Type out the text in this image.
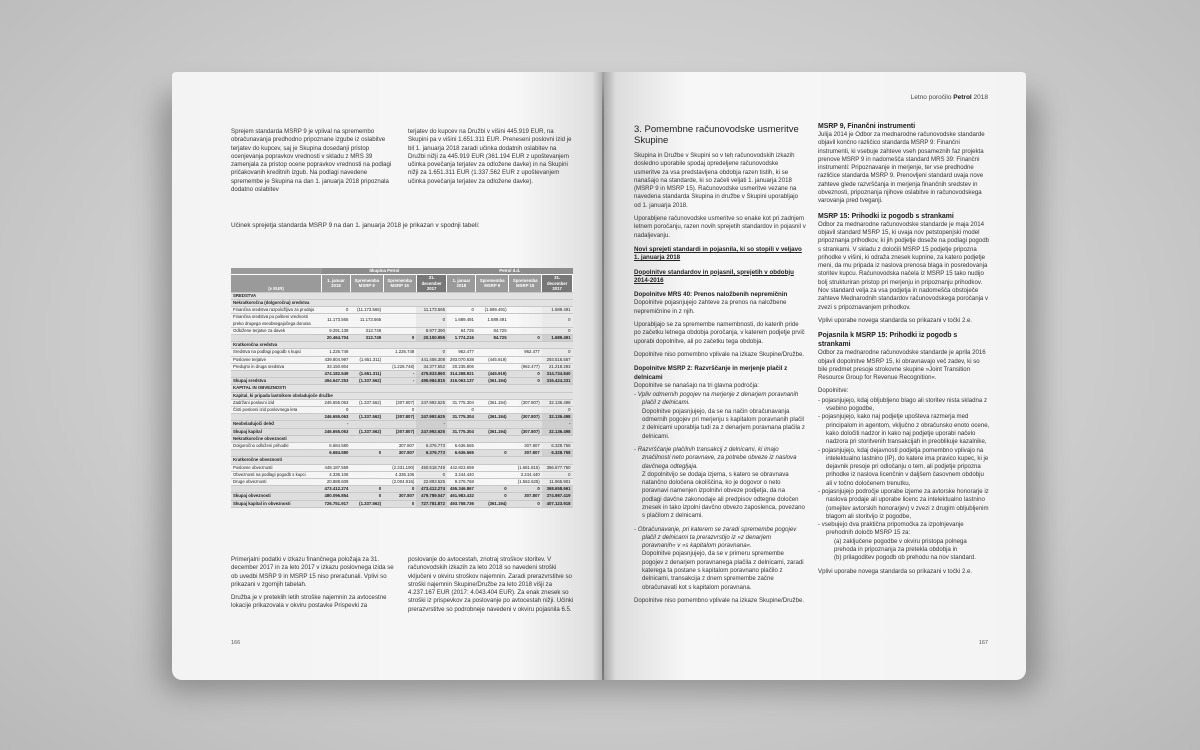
Sprejem standarda MSRP 9 je vplival na spremembo obračunavanja predhodno pripoznane izgube iz oslabitve terjatev do kupcev, saj je Skupina dosedanji pristop ocenjevanja popravkov vrednosti v skladu z MRS 39 zamenjala za pristop ocene popravkov vrednosti na podlagi pričakovanih kreditnih izgub. Na podlagi navedene spremembe je Skupina na dan 1. januarja 2018 pripoznala dodatno oslabitev
terjatev do kupcev na Družbi v višini 445.919 EUR, na Skupini pa v višini 1.651.311 EUR. Preneseni poslovni izid je bil 1. januarja 2018 zaradi učinka dodatnih oslabitev na Družbi nižji za 445.919 EUR (361.194 EUR z upoštevanjem učinka povečanja terjatev za odložene davke) in na Skupini nižji za 1.651.311 EUR (1.337.562 EUR z upoštevanjem učinka povečanja terjatev za odložene davke).
Učinek sprejetja standarda MSRP 9 na dan 1. januarja 2018 je prikazan v spodnji tabeli:
	Skupina Petrol				Petrol d.d.			
(v EUR)	1. januar 2018	Sprememba MSRP 9	Sprememba MSRP 15	31. december 2017	1. januar 2018	Sprememba MSRP 9	Sprememba MSRP 15	31. december 2017
SREDSTVA								
Nekratkoročna (dolgoročna) sredstva								
Finančna sredstva razpoložljiva za prodajo	0	(11.173.565)		11.173.565	0	(1.689.491)		1.689.491
Finančna sredstva po pošteni vrednosti preko drugega vseobsegajočega donosa	11.173.565	11.173.565		0	1.689.491	1.689.491		0
Odložene terjatve za davek	9.291.139	313.749		8.977.390	84.725	84.725		0
	20.464.704	313.749	0	20.150.955	1.774.216	84.725	0	1.689.491
Kratkoročna sredstva								
Sredstva na podlagi pogodb s kupci	1.226.748		1.226.748	0	962.477		962.477	0
Poslovne terjatve	439.804.997	(1.651.311)		441.456.308	293.070.638	(445.919)		293.516.557
Predujmi in druga sredstva	33.150.804		(1.226.748)	34.377.552	20.235.806		(962.477)	21.218.283
	474.182.549	(1.651.311)	-	475.833.860	314.268.921	(445.919)	0	314.734.840
Skupaj sredstva	494.647.253	(1.337.562)	-	495.984.815	316.063.137	(361.194)	0	316.424.331
KAPITAL IN OBVEZNOSTI								
Kapital, ki pripada lastnikom obvladujoče družbe								
Zadržani poslovni izid	246.655.063	(1.337.562)	(307.807)	247.992.625	31.775.304	(361.194)	(307.807)	32.136.498
Čisti poslovni izid poslovnega leta	0		0		0			0
	246.655.063	(1.337.562)	(307.807)	247.992.625	31.775.304	(361.194)	(307.807)	32.136.498
Neobvladujoči delež	-			-				-
Skupaj kapital	246.655.063	(1.337.562)	(307.807)	247.992.625	31.775.304	(361.194)	(307.807)	32.136.498
Nekratkoročne obveznosti								
Dolgoročno odloženi prihodki	6.684.580		307.807	6.376.773	6.636.565		307.807	6.328.758
	6.684.580	0	307.807	6.376.773	6.636.565	0	307.807	6.328.758
Kratkoročne obveznosti								
Poslovne obveznosti	448.187.559		(2.331.190)	450.518.749	442.823.659		(1.681.815)	356.677.760
Obveznosti na podlagi pogodb s kupci	4.336.106		4.336.106	0	3.244.440		3.244.440	0
Druge obveznosti	20.888.609		(2.004.916)	22.893.525	9.278.768		(1.562.625)	11.965.901
	473.412.274	0	0	473.412.274	455.346.867	0	0	368.658.661
Skupaj obveznosti	480.096.854	0	307.807	479.789.047	461.983.432	0	307.807	374.987.419
Skupaj kapital in obveznosti	726.751.917	(1.337.562)	0	727.781.872	493.758.736	(361.194)	0	407.123.918

Primerjalni podatki v izkazu finančnega položaja za 31. december 2017 in za leto 2017 v izkazu poslovnega izida se ob uvedbi MSRP 9 in MSRP 15 niso preračunali. Vplivi so prikazani v zgornjih tabelah.

Družba je v preteklih letih stroške najemnin za avtocestne lokacije prikazovala v okviru postavke Prispevki za

poslovanje do avtocestah, znotraj stroškov storitev. V računovodskih izkazih za leto 2018 so navedeni stroški vključeni v okviru stroškov najemnin. Zaradi prerazvrstitve so stroški najemnin Skupine/Družbe za leto 2018 višji za 4.237.167 EUR (2017: 4.043.404 EUR). Za enak znesek so stroški iz prispevkov za poslovanje po avtocestah nižji. Učinki prerazvrstitve so podrobneje navedeni v okviru pojasnila 6.5.
166
Letno poročilo Petrol 2018
3. Pomembne računovodske usmeritve Skupine

Skupina in Družbe v Skupini so v teh računovodskih izkazih dosledno uporabile spodaj opredeljene računovodske usmeritve za vsa predstavljena obdobja razen tistih, ki se nanašajo na standarde, ki so začeli veljati 1. januarja 2018 (MSRP 9 in MSRP 15). Računovodske usmeritve vezane na navedena standarda Skupina in družbe v Skupini uporabljajo od 1. januarja 2018.

Uporabljene računovodske usmeritve so enake kot pri zadnjem letnem poročanju, razen novih sprejetih standardov in pojasnil v nadaljevanju.

Novi sprejeti standardi in pojasnila, ki so stopili v veljavo 1. januarja 2018
Dopolnitve standardov in pojasnil, sprejetih v obdobju 2014-2016
Dopolnitve MRS 40: Prenos naložbenih nepremičnin

Dopolnitve pojasnjujejo zahteve za prenos na naložbene nepremičnine in z njih.

Uporabljajo se za spremembe namembnosti, do katerih pride po začetku letnega obdobja poročanja, v katerem podjetje prvič uporabi dopolnitve, ali po začetku tega obdobja.

Dopolnitve niso pomembno vplivale na izkaze Skupine/Družbe.

Dopolnitve MSRP 2: Razvrščanje in merjenje plačil z delnicami

Dopolnitve se nanašajo na tri glavna področja:

- Vpliv odmernih pogojev na merjenje z denarjem poravnanih plačil z delnicami.

Dopolnitve pojasnjujejo, da se na način obračunavanja odmernih pogojev pri merjenju s kapitalom poravnanih plačil z delnicami uporablja tudi za z denarjem poravnana plačila z delnicami.

- Razvrščanje plačilnih transakcij z delnicami, ki imajo značilnosti neto poravnave, za potrebe obveze iz naslova davčnega odtegljaja.

Z dopolnitvijo se dodaja izjema, s katero se obravnava natančno določena okoliščina, ko je dogovor o neto poravnavi namenjen izpolnitvi obveze podjetja, da na podlagi davčne zakonodaje ali predpisov odtegne določen znesek in tako izpolni davčno obvezo zaposlenca, povezano s plačilom z delnicami.

- Obračunavanje, pri katerem se zaradi spremembe pogojev plačil z delnicami ta prerazvrstijo iz »z denarjem poravnanih« v »s kapitalom poravnana«.

Dopolnitve pojasnjujejo, da se v primeru spremembe pogojev z denarjem poravnanega plačila z delnicami, zaradi katerega ta postane s kapitalom poravnano plačilo z delnicami, transakcija z dnem spremembe začne obračunavati kot s kapitalom poravnana.

Dopolnitve niso pomembno vplivale na izkaze Skupine/Družbe.

MSRP 9, Finančni instrumenti

Julija 2014 je Odbor za mednarodne računovodske standarde objavil končno različico standarda MSRP 9: Finančni instrumenti, ki vsebuje zahteve vseh posameznih faz projekta prenove MSRP 9 in nadomešča standard MRS 39: Finančni instrumenti: Pripoznavanje in merjenje, ter vse predhodne različice standarda MSRP 9. Prenovljeni standard uvaja nove zahteve glede razvrščanja in merjenja finančnih sredstev in obveznosti, pripoznanja njihove oslabitve in računovodskega varovanja pred tveganji.

MSRP 15: Prihodki iz pogodb s strankami

Odbor za mednarodne računovodske standarde je maja 2014 objavil standard MSRP 15, ki uvaja nov petstopenjski model pripoznanja prihodkov, ki jih podjetje doseže na podlagi pogodb s strankami. V skladu z določili MSRP 15 podjetje pripozna prihodke v višini, ki odraža znesek kupnine, za katero podjetje meni, da mu pripada iz naslova prenosa blaga in posredovanja storitev kupcu. Računovodska načela iz MSRP 15 tako nudijo bolj strukturiran pristop pri merjenju in pripoznanju prihodkov. Nov standard velja za vsa podjetja in nadomešča obstoječe zahteve Mednarodnih standardov računovodskega poročanja v zvezi s pripoznavanjem prihodkov.

Vplivi uporabe novega standarda so prikazani v točki 2.e.

Pojasnila k MSRP 15: Prihodki iz pogodb s strankami

Odbor za mednarodne računovodske standarde je aprila 2016 objavil dopolnitve MSRP 15, ki obravnavajo več zadev, ki so bile predmet presoje strokovne skupine »Joint Transition Resource Group for Revenue Recognition«.

Dopolnitve:

- pojasnjujejo, kdaj obljubljeno blago ali storitev nista skladna z vsebino pogodbe,
- pojasnjujejo, kako naj podjetje upošteva razmerja med principalom in agentom, vključno z obračunsko enoto ocene, kako določiti nadzor in kako naj podjetje uporabi načelo nadzora pri storitvenih transakcijah in preoblikuje kazalnike,
- pojasnjujejo, kdaj dejavnosti podjetja pomembno vplivajo na intelektualno lastnino (IP), do katere ima pravico kupec, ki je dejavnik presoje pri odločanju o tem, ali podjetje pripozna prihodke iz naslova licenčnin v daljšem časovnem obdobju ali v točno določenem trenutku,
- pojasnjujejo področje uporabe izjeme za avtorske honorarje iz naslova prodaje ali uporabe licenc za intelektualno lastnino (omejitev avtorskih honorarjev) v zvezi z drugim obljubljenim blagom ali storitvijo iz pogodbe,
- vsebujejo dva praktična pripomočka za izpolnjevanje prehodnih določb MSRP 15 za:
(a) zaključene pogodbe v okviru pristopa polnega prehoda in pripoznanja za pretekla obdobja in

(b) prilagoditev pogodb ob prehodu na nov standard.

Vplivi uporabe novega standarda so prikazani v točki 2.e.

167
